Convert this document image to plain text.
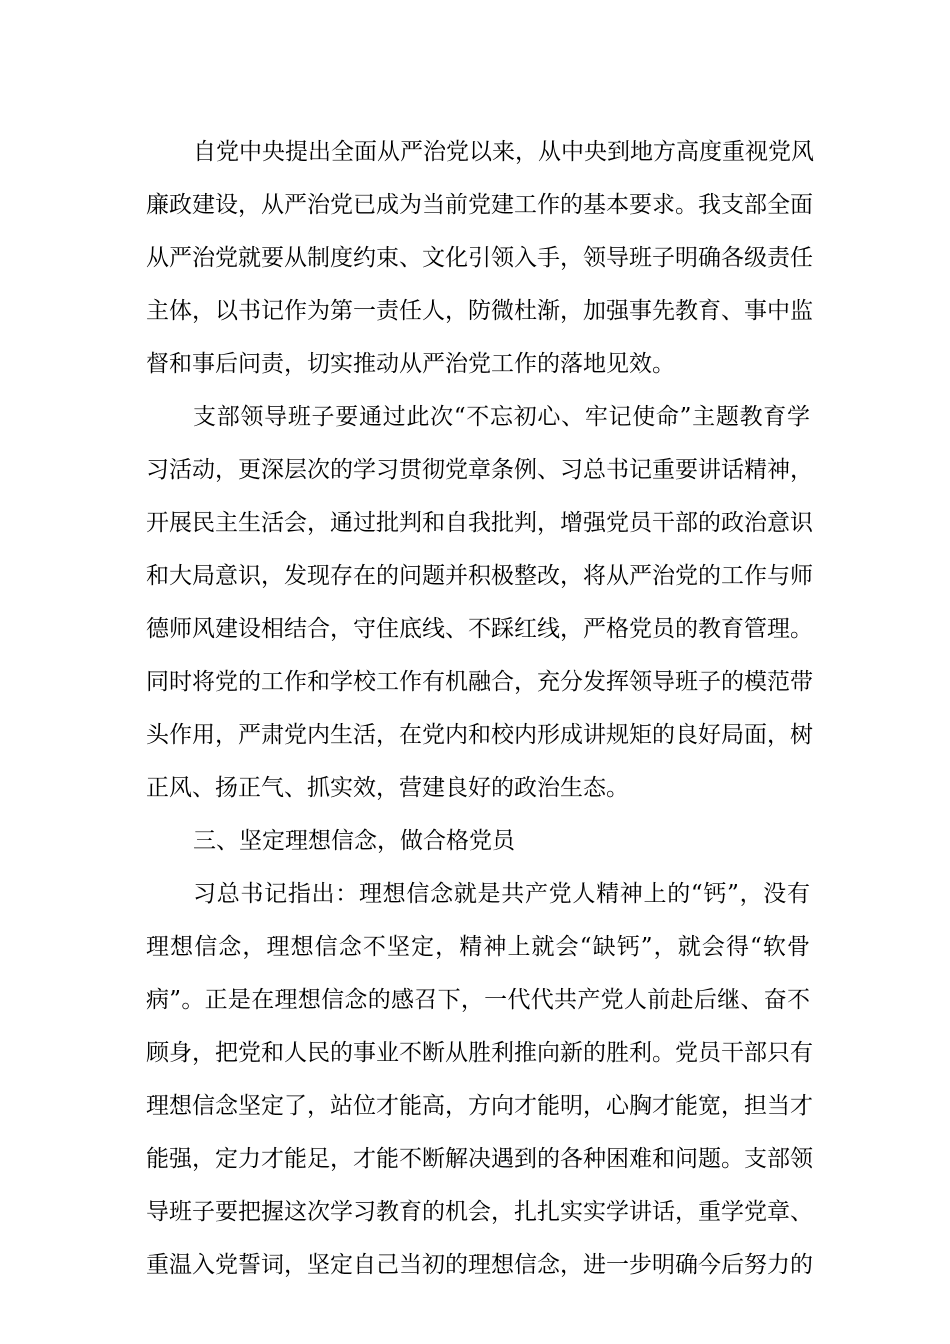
自党中央提出全面从严治党以来，从中央到地方高度重视党风
廉政建设，从严治党已成为当前党建工作的基本要求。我支部全面
从严治党就要从制度约束、文化引领入手，领导班子明确各级责任
主体，以书记作为第一责任人，防微杜渐，加强事先教育、事中监
督和事后问责，切实推动从严治党工作的落地见效。
支部领导班子要通过此次“不忘初心、牢记使命”主题教育学
习活动，更深层次的学习贯彻党章条例、习总书记重要讲话精神，
开展民主生活会，通过批判和自我批判，增强党员干部的政治意识
和大局意识，发现存在的问题并积极整改，将从严治党的工作与师
德师风建设相结合，守住底线、不踩红线，严格党员的教育管理。
同时将党的工作和学校工作有机融合，充分发挥领导班子的模范带
头作用，严肃党内生活，在党内和校内形成讲规矩的良好局面，树
正风、扬正气、抓实效，营建良好的政治生态。
三、坚定理想信念，做合格党员
习总书记指出：理想信念就是共产党人精神上的“钙”，没有
理想信念，理想信念不坚定，精神上就会“缺钙”，就会得“软骨
病”。正是在理想信念的感召下，一代代共产党人前赴后继、奋不
顾身，把党和人民的事业不断从胜利推向新的胜利。党员干部只有
理想信念坚定了，站位才能高，方向才能明，心胸才能宽，担当才
能强，定力才能足，才能不断解决遇到的各种困难和问题。支部领
导班子要把握这次学习教育的机会，扎扎实实学讲话，重学党章、
重温入党誓词，坚定自己当初的理想信念，进一步明确今后努力的
